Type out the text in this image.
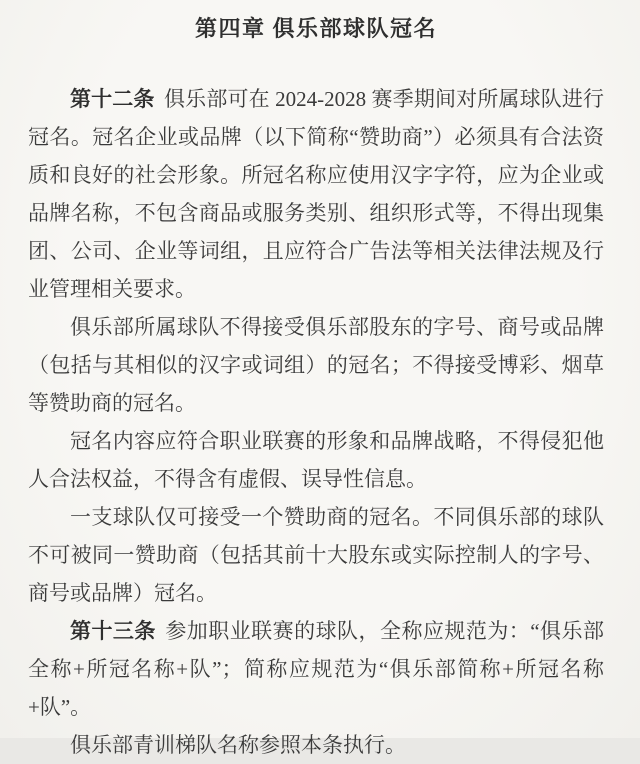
第四章 俱乐部球队冠名

第十二条 俱乐部可在 2024-2028 赛季期间对所属球队进行冠名。冠名企业或品牌（以下简称“赞助商”）必须具有合法资质和良好的社会形象。所冠名称应使用汉字字符，应为企业或品牌名称，不包含商品或服务类别、组织形式等，不得出现集团、公司、企业等词组，且应符合广告法等相关法律法规及行业管理相关要求。

俱乐部所属球队不得接受俱乐部股东的字号、商号或品牌（包括与其相似的汉字或词组）的冠名；不得接受博彩、烟草等赞助商的冠名。

冠名内容应符合职业联赛的形象和品牌战略，不得侵犯他人合法权益，不得含有虚假、误导性信息。

一支球队仅可接受一个赞助商的冠名。不同俱乐部的球队不可被同一赞助商（包括其前十大股东或实际控制人的字号、商号或品牌）冠名。

第十三条 参加职业联赛的球队，全称应规范为：“俱乐部全称+所冠名称+队”；简称应规范为“俱乐部简称+所冠名称+队”。

俱乐部青训梯队名称参照本条执行。
